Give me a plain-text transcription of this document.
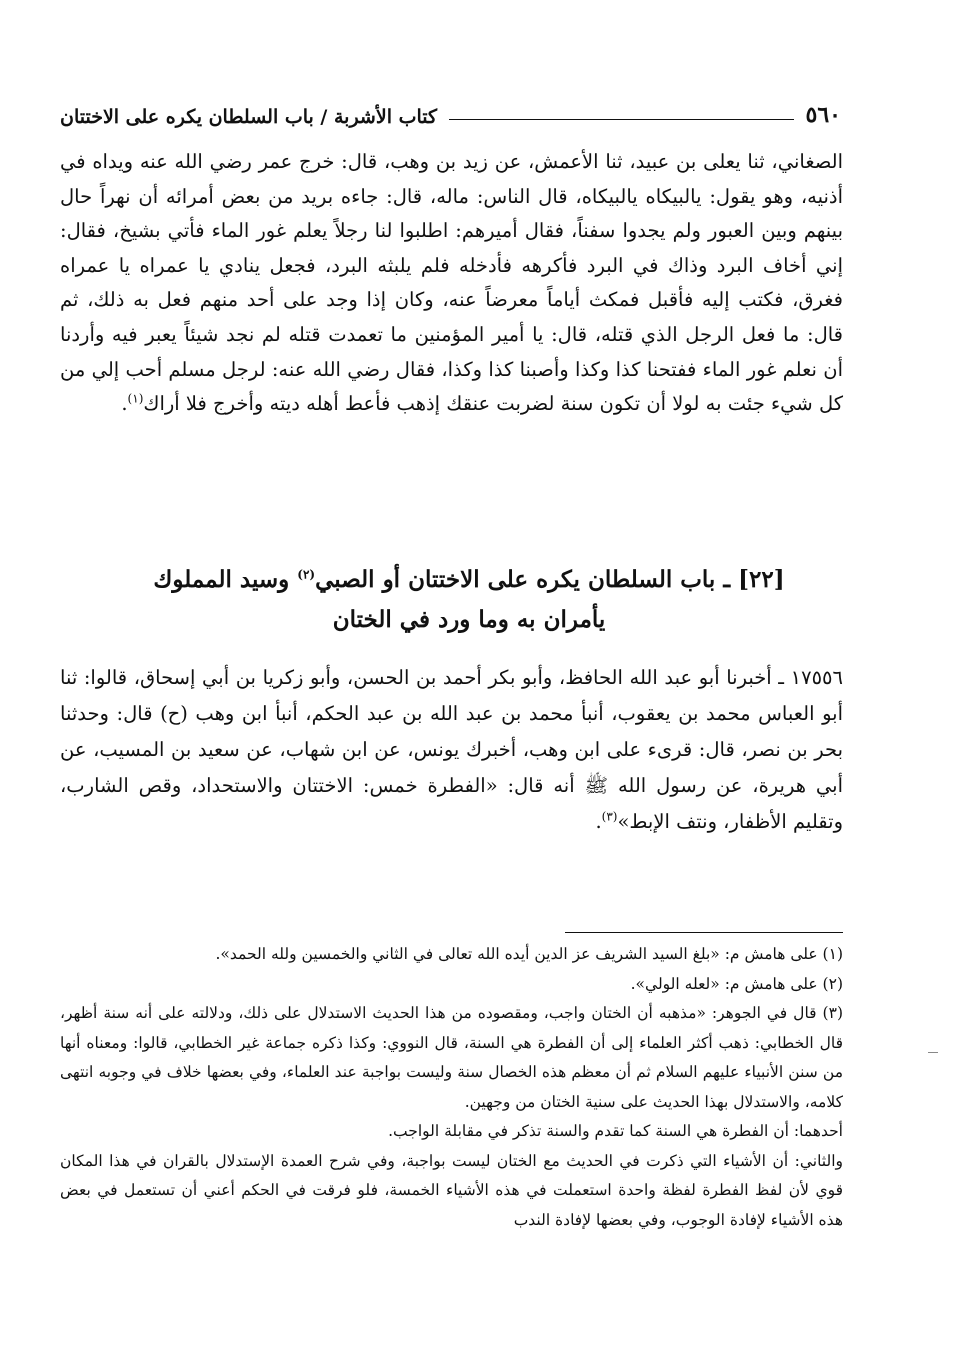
٥٦٠
كتاب الأشربة / باب السلطان يكره على الاختتان

الصغاني، ثنا يعلى بن عبيد، ثنا الأعمش، عن زيد بن وهب، قال: خرج عمر رضي الله عنه ويداه في أذنيه، وهو يقول: يالبيكاه يالبيكاه، قال الناس: ماله، قال: جاءه بريد من بعض أمرائه أن نهراً حال بينهم وبين العبور ولم يجدوا سفناً، فقال أميرهم: اطلبوا لنا رجلاً يعلم غور الماء فأتي بشيخ، فقال: إني أخاف البرد وذاك في البرد فأكرهه فأدخله فلم يلبثه البرد، فجعل ينادي يا عمراه يا عمراه فغرق، فكتب إليه فأقبل فمكث أياماً معرضاً عنه، وكان إذا وجد على أحد منهم فعل به ذلك، ثم قال: ما فعل الرجل الذي قتله، قال: يا أمير المؤمنين ما تعمدت قتله لم نجد شيئاً يعبر فيه وأردنا أن نعلم غور الماء ففتحنا كذا وكذا وأصبنا كذا وكذا، فقال رضي الله عنه: لرجل مسلم أحب إلي من كل شيء جئت به لولا أن تكون سنة لضربت عنقك إذهب فأعط أهله ديته وأخرج فلا أراك$^{(١)}$.

[٢٢] ـ باب السلطان يكره على الاختتان أو الصبي$^{(٢)}$ وسيد المملوك
يأمران به وما ورد في الختان

١٧٥٥٦ ـ أخبرنا أبو عبد الله الحافظ، وأبو بكر أحمد بن الحسن، وأبو زكريا بن أبي إسحاق، قالوا: ثنا أبو العباس محمد بن يعقوب، أنبأ محمد بن عبد الله بن عبد الحكم، أنبأ ابن وهب (ح) قال: وحدثنا بحر بن نصر، قال: قرىء على ابن وهب، أخبرك يونس، عن ابن شهاب، عن سعيد بن المسيب، عن أبي هريرة، عن رسول الله ﷺ أنه قال: «الفطرة خمس: الاختتان والاستحداد، وقص الشارب، وتقليم الأظفار، ونتف الإبط»$^{(٣)}$.

(١) على هامش م: «بلغ السيد الشريف عز الدين أيده الله تعالى في الثاني والخمسين ولله الحمد».

(٢) على هامش م: «لعله الولي».

(٣) قال في الجوهر: «مذهبه أن الختان واجب، ومقصوده من هذا الحديث الاستدلال على ذلك، ودلالته على أنه سنة أظهر، قال الخطابي: ذهب أكثر العلماء إلى أن الفطرة هي السنة، قال النووي: وكذا ذكره جماعة غير الخطابي، قالوا: ومعناه أنها من سنن الأنبياء عليهم السلام ثم أن معظم هذه الخصال سنة وليست بواجبة عند العلماء، وفي بعضها خلاف في وجوبه انتهى كلامه، والاستدلال بهذا الحديث على سنية الختان من وجهين.

أحدهما: أن الفطرة هي السنة كما تقدم والسنة تذكر في مقابلة الواجب.

والثاني: أن الأشياء التي ذكرت في الحديث مع الختان ليست بواجبة، وفي شرح العمدة الإستدلال بالقران في هذا المكان قوي لأن لفظ الفطرة لفظة واحدة استعملت في هذه الأشياء الخمسة، فلو فرقت في الحكم أعني أن تستعمل في بعض هذه الأشياء لإفادة الوجوب، وفي بعضها لإفادة الندب
